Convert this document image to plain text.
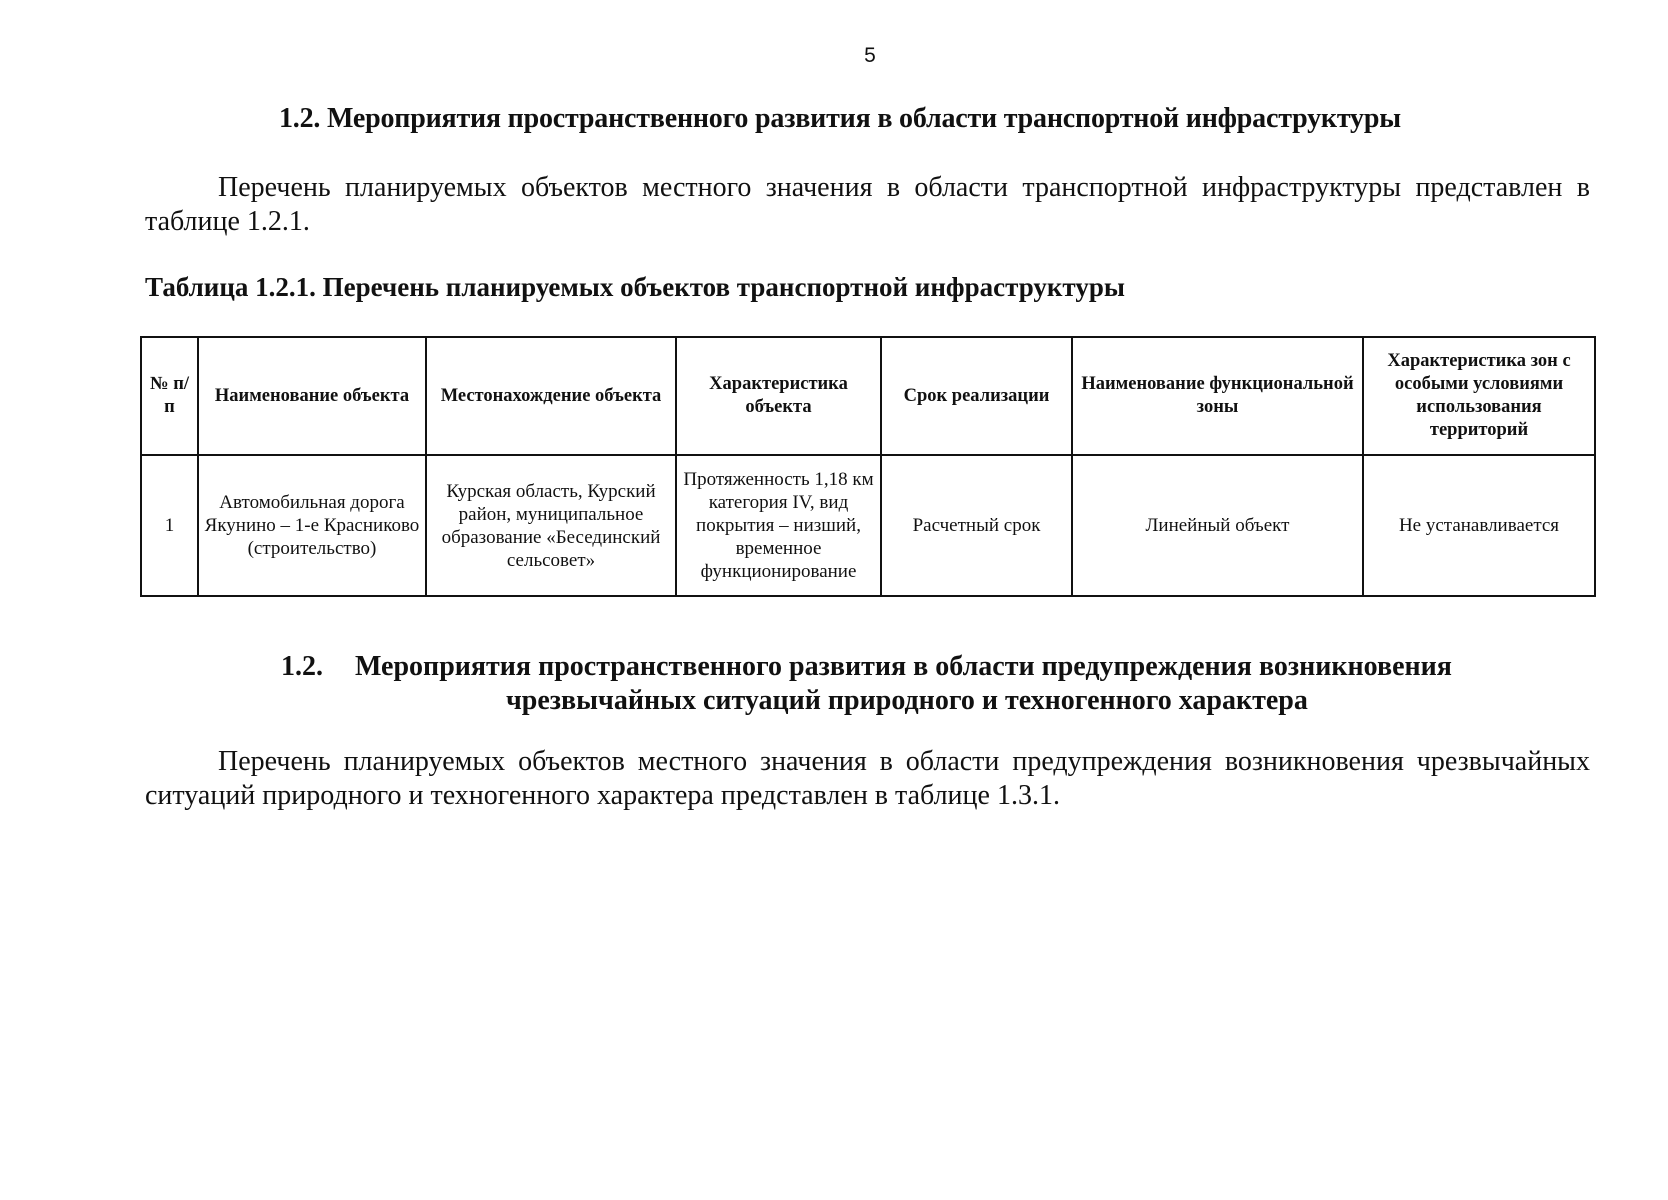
5
1.2. Мероприятия пространственного развития в области транспортной инфраструктуры
Перечень планируемых объектов местного значения в области транспортной инфраструктуры представлен в таблице 1.2.1.
Таблица 1.2.1. Перечень планируемых объектов транспортной инфраструктуры
№ п/п	Наименование объекта	Местонахождение объекта	Характеристика объекта	Срок реализации	Наименование функциональной зоны	Характеристика зон с особыми условиями использования территорий
1	Автомобильная дорога Якунино – 1-е Красниково (строительство)	Курская область, Курский район, муниципальное образование «Бесединский сельсовет»	Протяженность 1,18 км категория IV, вид покрытия – низший, временное функционирование	Расчетный срок	Линейный объект	Не устанавливается
1.2. Мероприятия пространственного развития в области предупреждения возникновения
чрезвычайных ситуаций природного и техногенного характера
Перечень планируемых объектов местного значения в области предупреждения возникновения чрезвычайных ситуаций природного и техногенного характера представлен в таблице 1.3.1.
